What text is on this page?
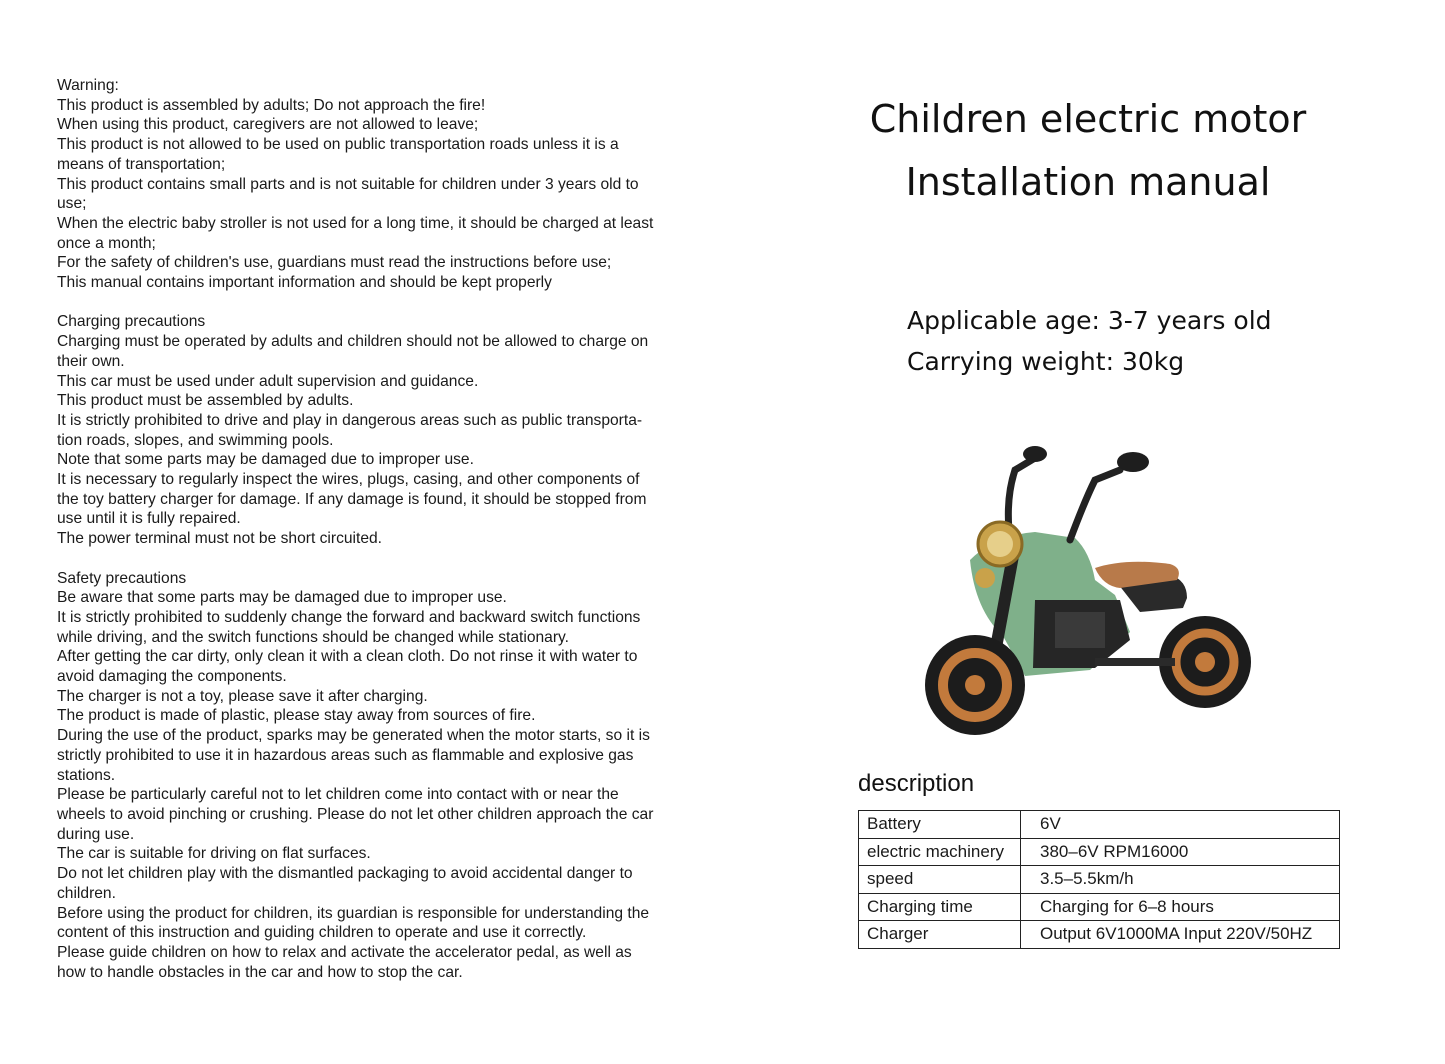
Warning:
This product is assembled by adults; Do not approach the fire!
When using this product, caregivers are not allowed to leave;
This product is not allowed to be used on public transportation roads unless it is a
means of transportation;
This product contains small parts and is not suitable for children under 3 years old to
use;
When the electric baby stroller is not used for a long time, it should be charged at least
once a month;
For the safety of children's use, guardians must read the instructions before use;
This manual contains important information and should be kept properly
Charging precautions
Charging must be operated by adults and children should not be allowed to charge on
their own.
This car must be used under adult supervision and guidance.
This product must be assembled by adults.
It is strictly prohibited to drive and play in dangerous areas such as public transporta-
tion roads, slopes, and swimming pools.
Note that some parts may be damaged due to improper use.
It is necessary to regularly inspect the wires, plugs, casing, and other components of
the toy battery charger for damage. If any damage is found, it should be stopped from
use until it is fully repaired.
The power terminal must not be short circuited.
Safety precautions
Be aware that some parts may be damaged due to improper use.
It is strictly prohibited to suddenly change the forward and backward switch functions
while driving, and the switch functions should be changed while stationary.
After getting the car dirty, only clean it with a clean cloth. Do not rinse it with water to
avoid damaging the components.
The charger is not a toy, please save it after charging.
The product is made of plastic, please stay away from sources of fire.
During the use of the product, sparks may be generated when the motor starts, so it is
strictly prohibited to use it in hazardous areas such as flammable and explosive gas
stations.
Please be particularly careful not to let children come into contact with or near the
wheels to avoid pinching or crushing. Please do not let other children approach the car
during use.
The car is suitable for driving on flat surfaces.
Do not let children play with the dismantled packaging to avoid accidental danger to
children.
Before using the product for children, its guardian is responsible for understanding the
content of this instruction and guiding children to operate and use it correctly.
Please guide children on how to relax and activate the accelerator pedal, as well as
how to handle obstacles in the car and how to stop the car.
Children electric motor
Installation manual
Applicable age: 3-7 years old
Carrying weight: 30kg
description
Battery	6V
electric machinery	380–6V RPM16000
speed	3.5–5.5km/h
Charging time	Charging for 6–8 hours
Charger	Output 6V1000MA Input 220V/50HZ
